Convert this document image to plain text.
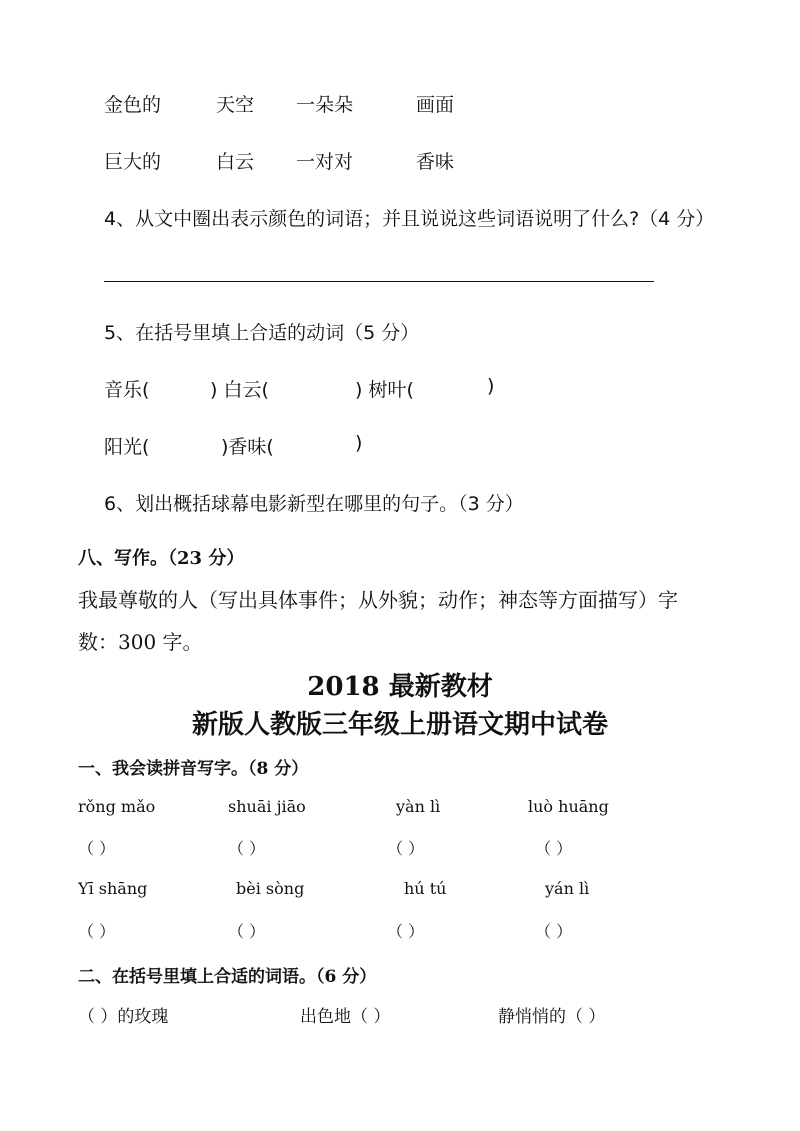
金色的	天空 一朵朵	画面
巨大的	白云 一对对	香味
4、从文中圈出表示颜色的词语；并且说说这些词语说明了什么?（4 分）
5、在括号里填上合适的动词（5 分）
音乐(	) 白云(	) 树叶(	)
阳光(	)香味(	)
6、划出概括球幕电影新型在哪里的句子。（3 分）
八、写作。（23 分）
我最尊敬的人（写出具体事件；从外貌；动作；神态等方面描写）字
数：300 字。
2018 最新教材
新版人教版三年级上册语文期中试卷
一、我会读拼音写字。（8 分）
rǒng mǎo	shuāi jiāo	yàn lì	luò huāng
（ ）	（ ）	（ ）	（ ）
Yī shāng	bèi sòng	hú tú	yán lì
（ ）	（ ）	（ ）	（ ）
二、在括号里填上合适的词语。（6 分）
（ ）的玫瑰	出色地（ ）	静悄悄的（ ）
